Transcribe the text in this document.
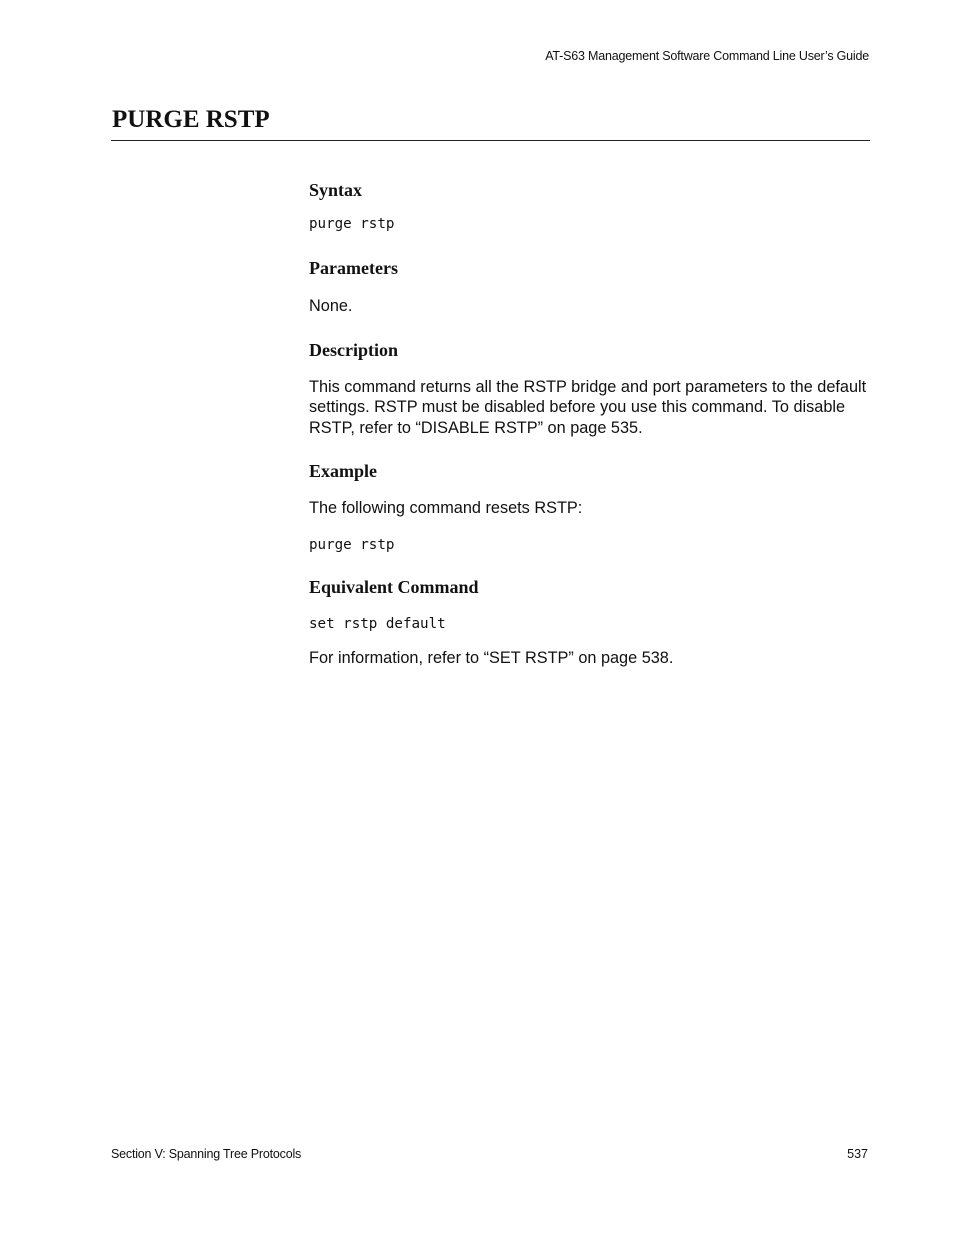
AT-S63 Management Software Command Line User’s Guide
PURGE RSTP
Syntax
purge rstp
Parameters

None.

Description

This command returns all the RSTP bridge and port parameters to the default settings. RSTP must be disabled before you use this command. To disable RSTP, refer to “DISABLE RSTP” on page 535.

Example

The following command resets RSTP:

purge rstp
Equivalent Command
set rstp default

For information, refer to “SET RSTP” on page 538.

Section V: Spanning Tree Protocols	537
